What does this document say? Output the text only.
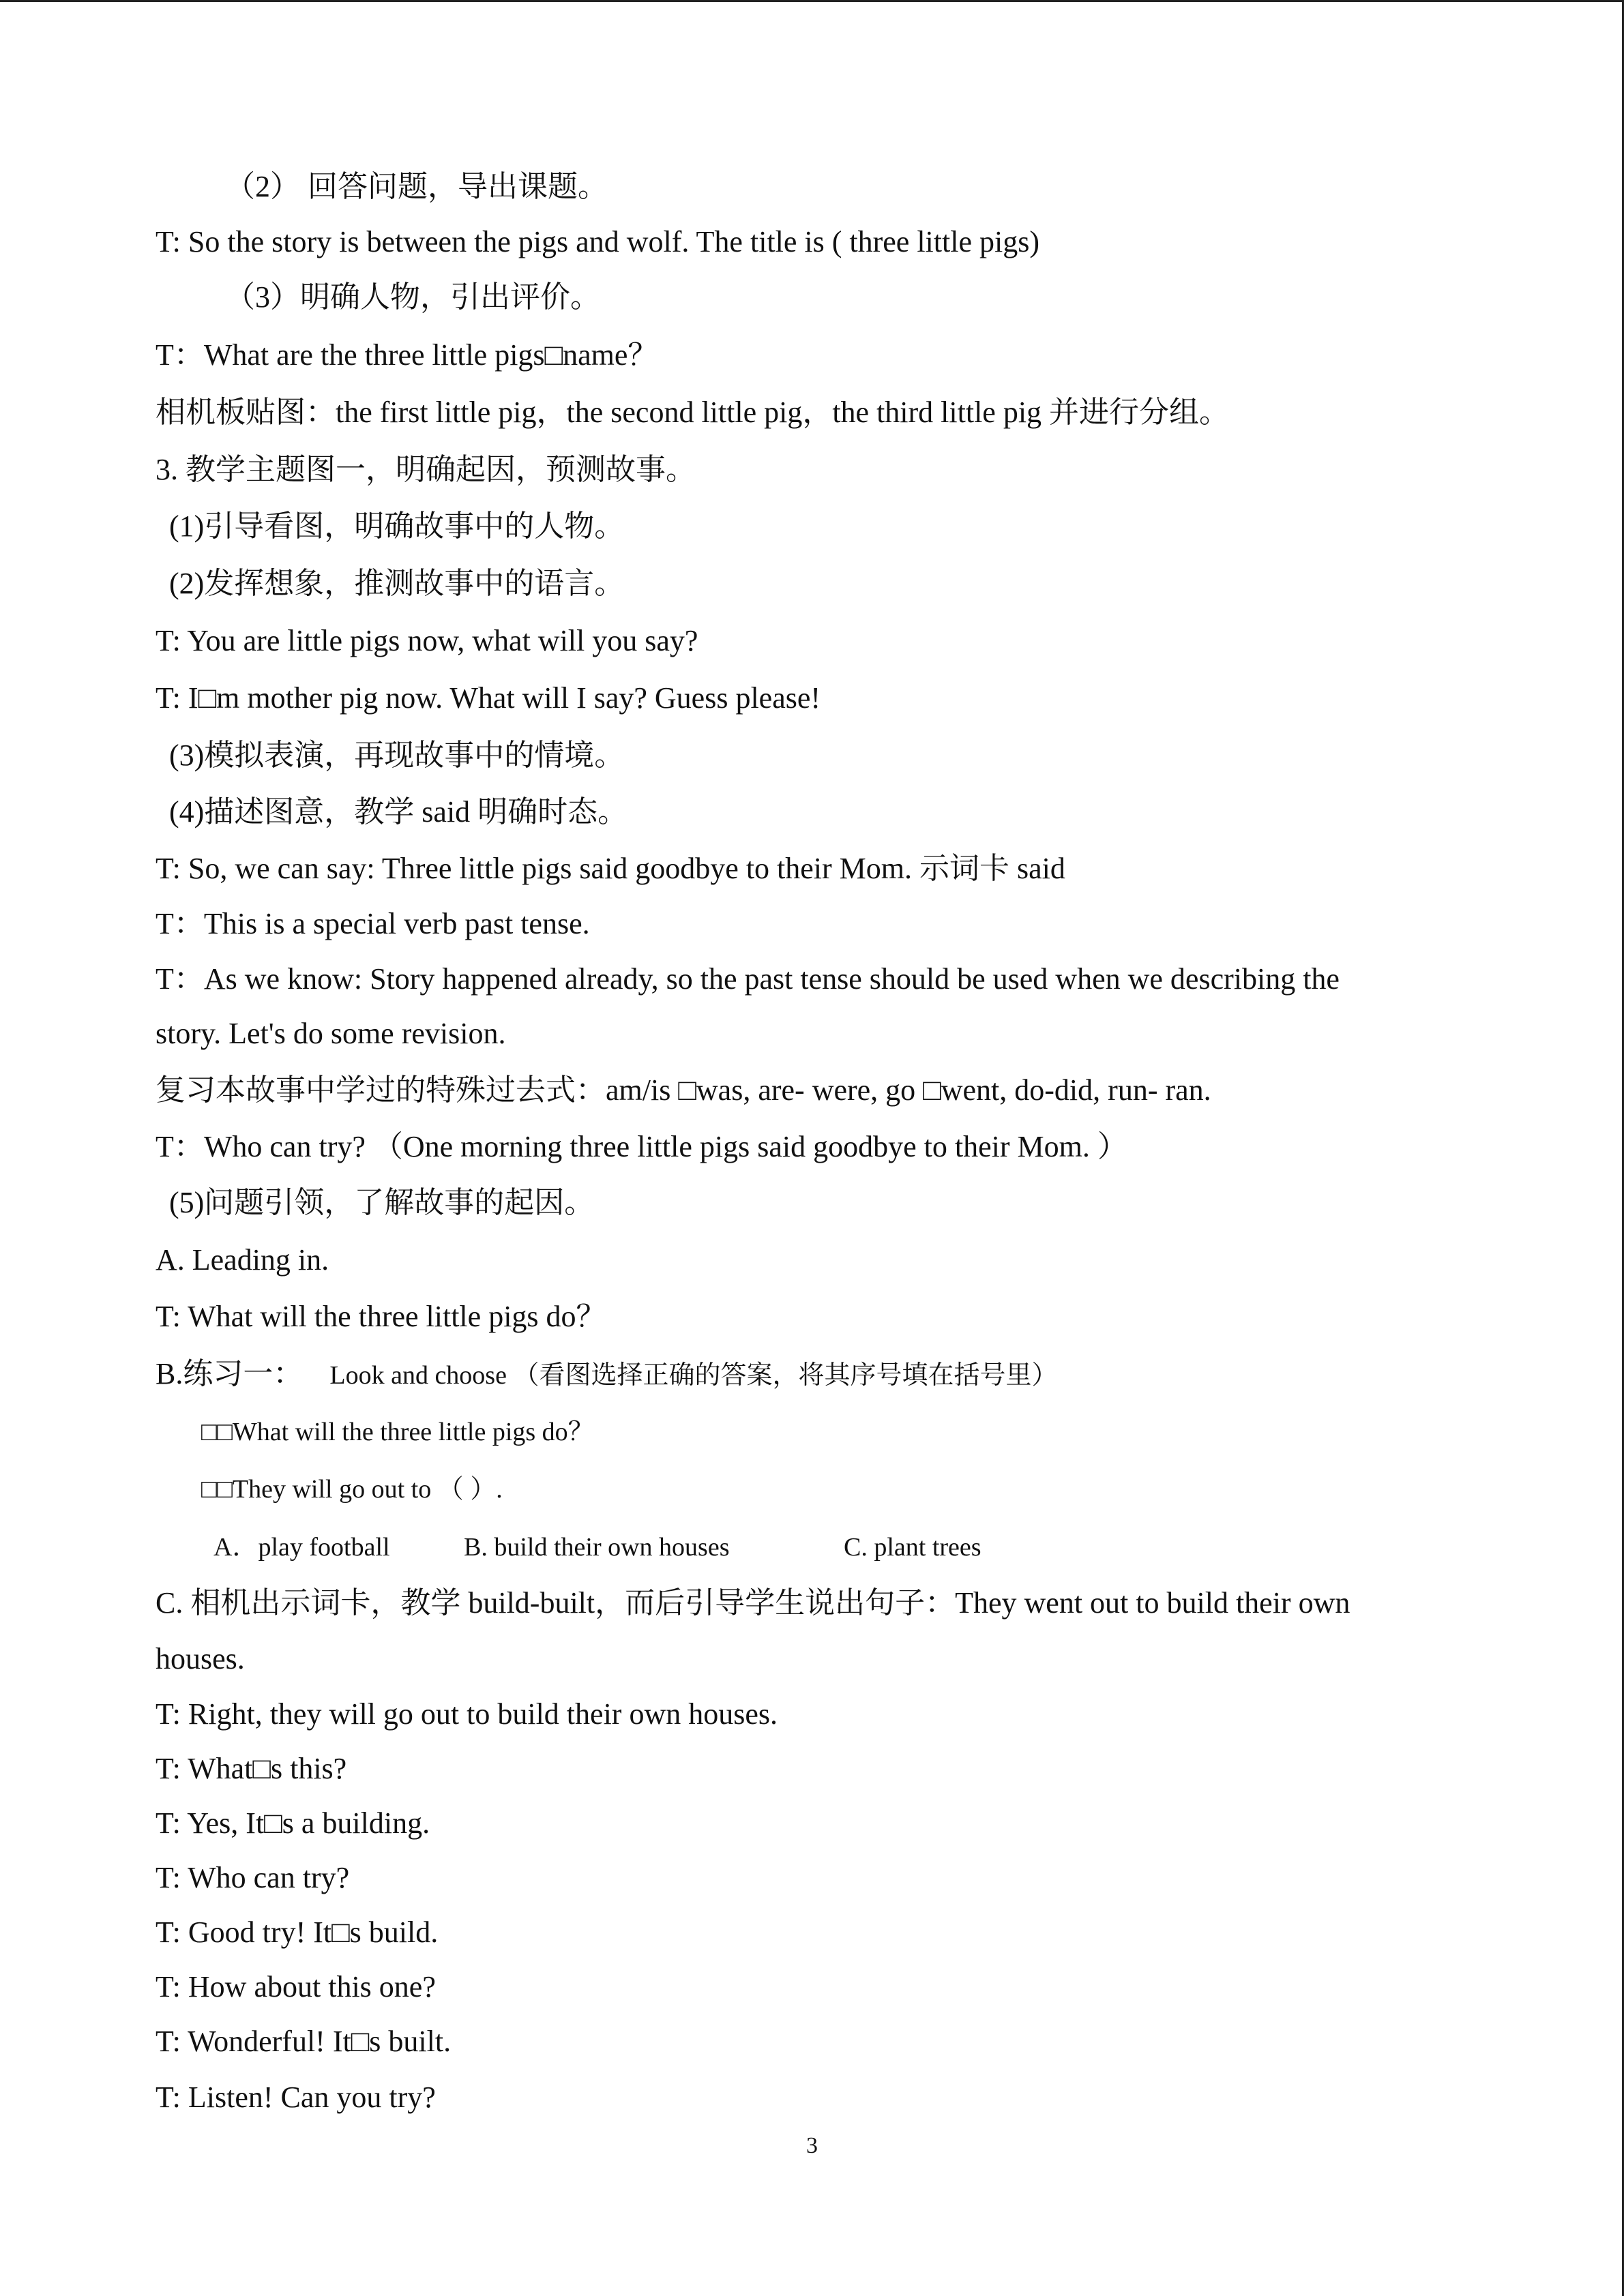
（2） 回答问题，导出课题。
T: So the story is between the pigs and wolf. The title is ( three little pigs)
（3）明确人物，引出评价。
T：What are the three little pigs□name？
相机板贴图：the first little pig，the second little pig，the third little pig 并进行分组。
3. 教学主题图一，明确起因，预测故事。
(1)引导看图，明确故事中的人物。
(2)发挥想象，推测故事中的语言。
T: You are little pigs now, what will you say?
T: I□m mother pig now. What will I say? Guess please!
(3)模拟表演，再现故事中的情境。
(4)描述图意，教学 said 明确时态。
T: So, we can say: Three little pigs said goodbye to their Mom. 示词卡 said
T：This is a special verb past tense.
T：As we know: Story happened already, so the past tense should be used when we describing the
story. Let's do some revision.
复习本故事中学过的特殊过去式：am/is □was, are- were, go □went, do-did, run- ran.
T：Who can try? （One morning three little pigs said goodbye to their Mom. ）
(5)问题引领，了解故事的起因。
A. Leading in.
T: What will the three little pigs do？
B.练习一： Look and choose （看图选择正确的答案，将其序号填在括号里）
□□What will the three little pigs do？
□□They will go out to （ ）.
A．play football	B. build their own houses	C. plant trees
C. 相机出示词卡，教学 build-built，而后引导学生说出句子：They went out to build their own
houses.
T: Right, they will go out to build their own houses.
T: What□s this?
T: Yes, It□s a building.
T: Who can try?
T: Good try! It□s build.
T: How about this one?
T: Wonderful! It□s built.
T: Listen! Can you try?
3
